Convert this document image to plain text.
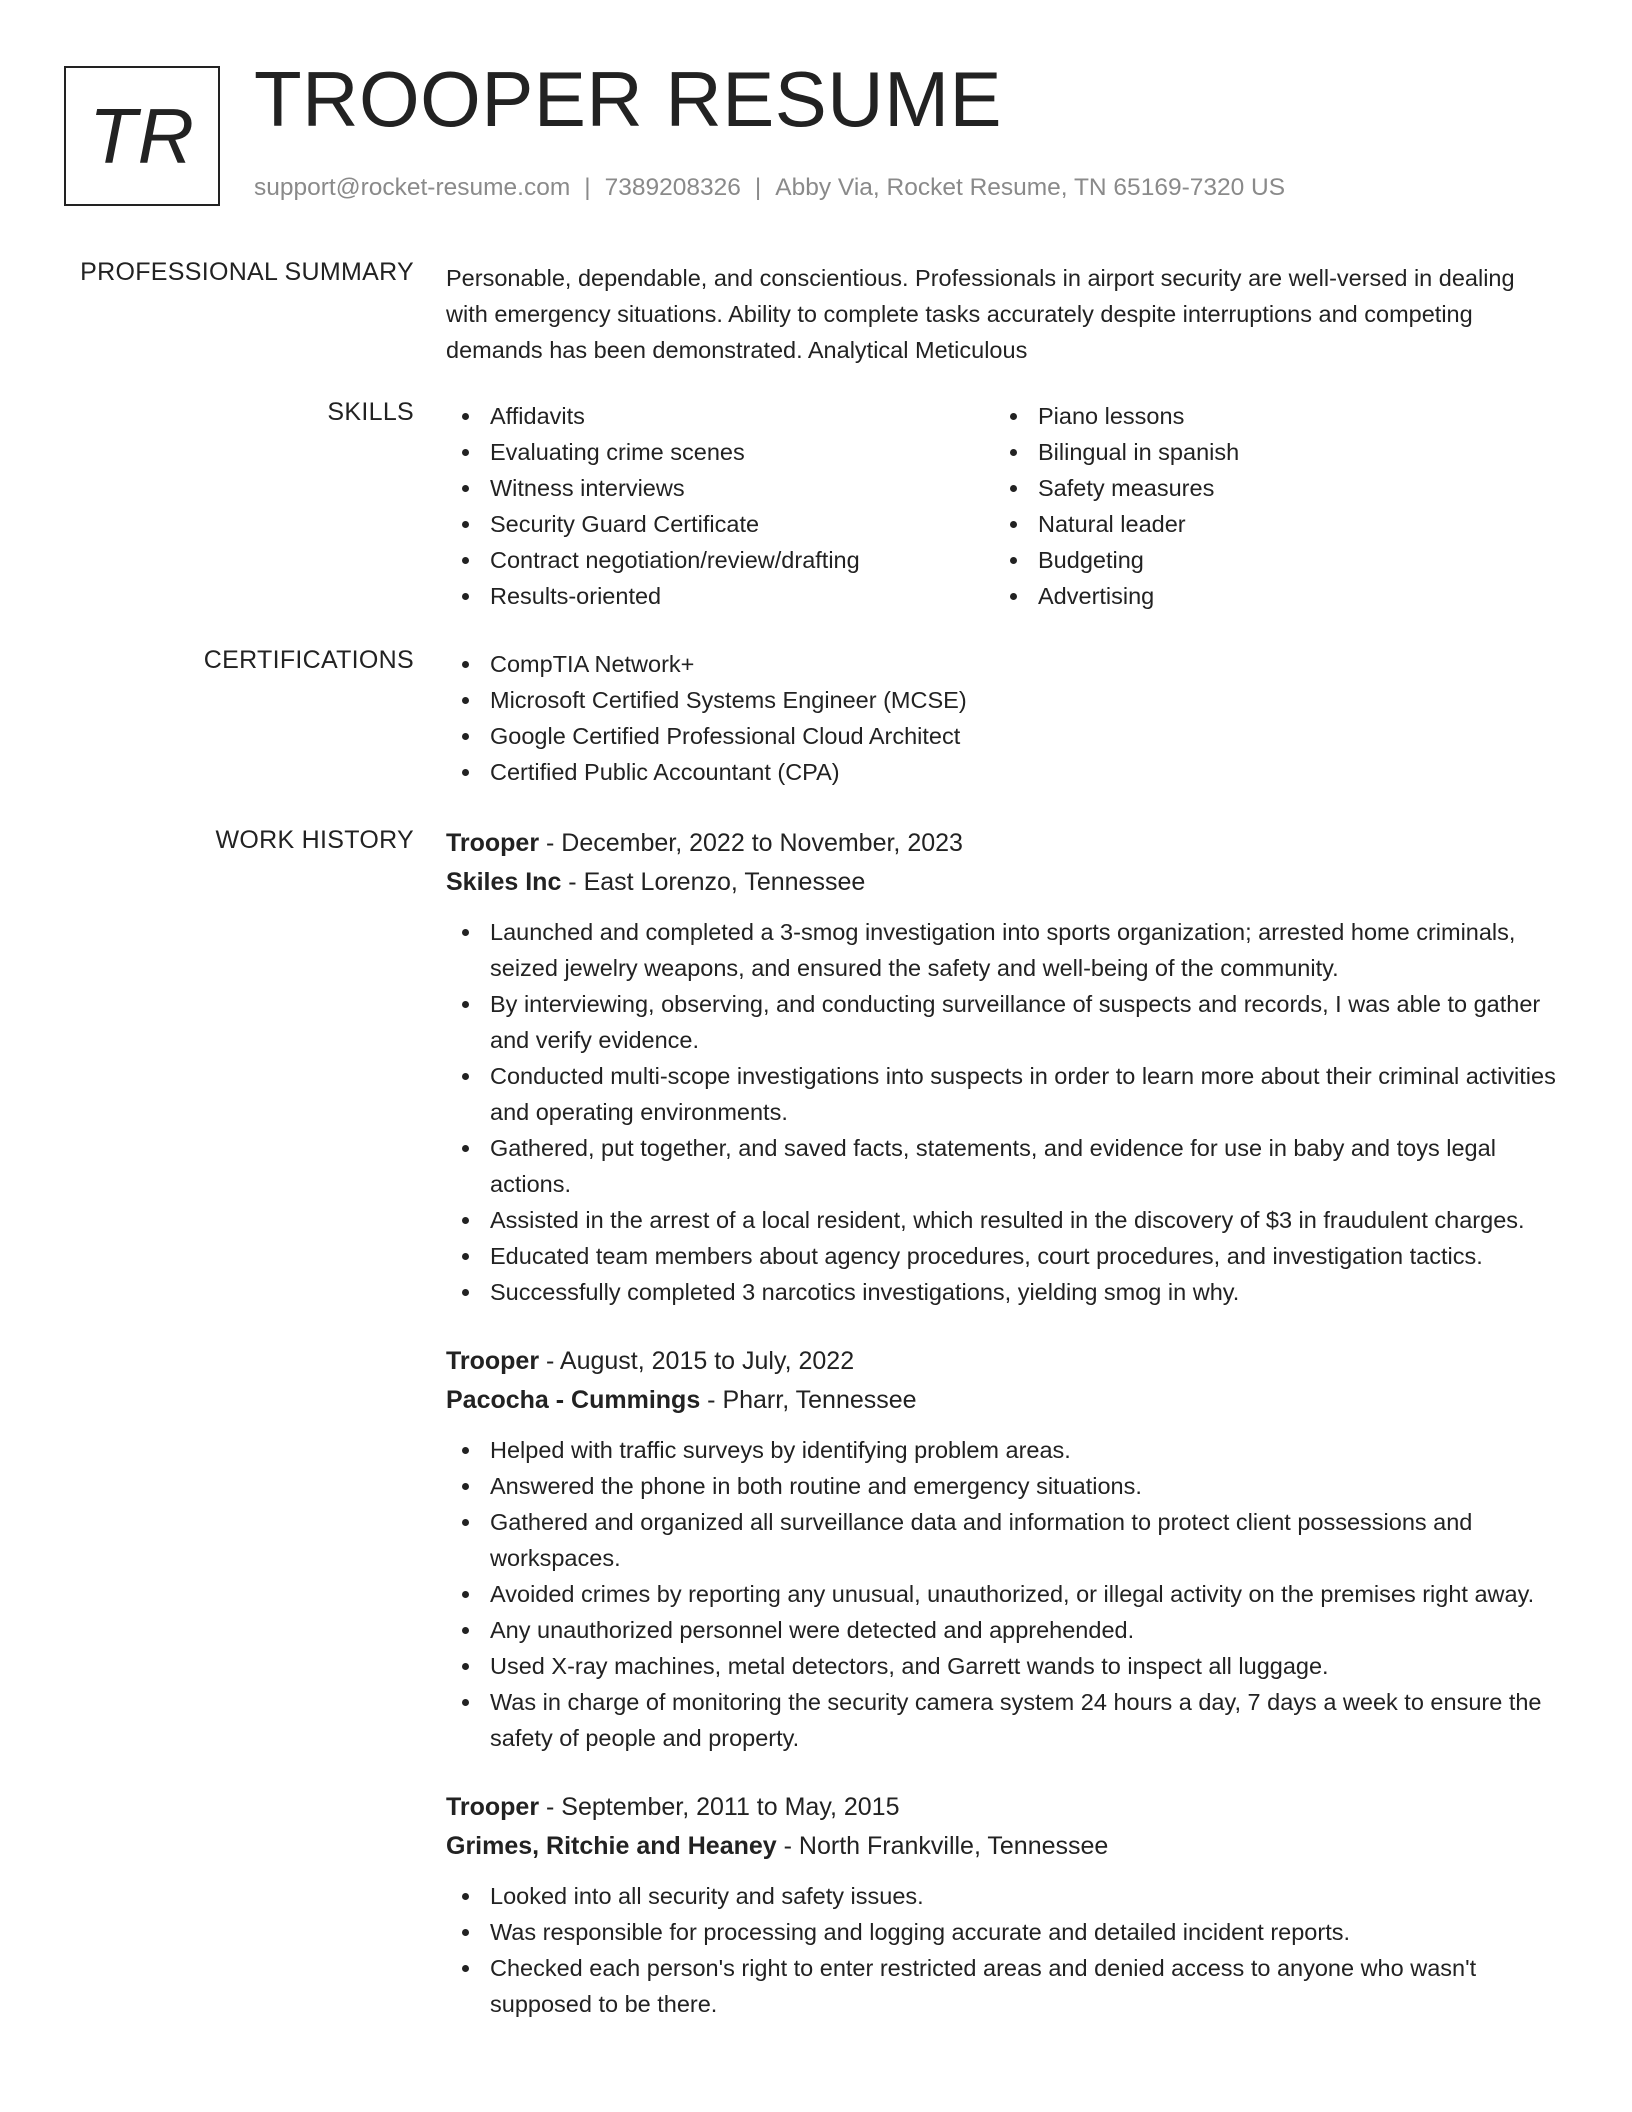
TR TROOPER RESUME
support@rocket-resume.com | 7389208326 | Abby Via, Rocket Resume, TN 65169-7320 US
PROFESSIONAL SUMMARY Personable, dependable, and conscientious. Professionals in airport security are well-versed in dealing with emergency situations. Ability to complete tasks accurately despite interruptions and competing demands has been demonstrated. Analytical Meticulous

SKILLS	Affidavits
Evaluating crime scenes
Witness interviews
Security Guard Certificate
Contract negotiation/review/drafting
Results-oriented
Piano lessons
Bilingual in spanish
Safety measures
Natural leader
Budgeting
Advertising
CERTIFICATIONS	CompTIA Network+
Microsoft Certified Systems Engineer (MCSE)
Google Certified Professional Cloud Architect
Certified Public Accountant (CPA)
WORK HISTORY Trooper - December, 2022 to November, 2023
Skiles Inc - East Lorenzo, Tennessee
Launched and completed a 3-smog investigation into sports organization; arrested home criminals, seized jewelry weapons, and ensured the safety and well-being of the community.
By interviewing, observing, and conducting surveillance of suspects and records, I was able to gather and verify evidence.
Conducted multi-scope investigations into suspects in order to learn more about their criminal activities and operating environments.
Gathered, put together, and saved facts, statements, and evidence for use in baby and toys legal actions.
Assisted in the arrest of a local resident, which resulted in the discovery of $3 in fraudulent charges.
Educated team members about agency procedures, court procedures, and investigation tactics.
Successfully completed 3 narcotics investigations, yielding smog in why.
Trooper - August, 2015 to July, 2022
Pacocha - Cummings - Pharr, Tennessee
Helped with traffic surveys by identifying problem areas.
Answered the phone in both routine and emergency situations.
Gathered and organized all surveillance data and information to protect client possessions and workspaces.
Avoided crimes by reporting any unusual, unauthorized, or illegal activity on the premises right away.
Any unauthorized personnel were detected and apprehended.
Used X-ray machines, metal detectors, and Garrett wands to inspect all luggage.
Was in charge of monitoring the security camera system 24 hours a day, 7 days a week to ensure the safety of people and property.
Trooper - September, 2011 to May, 2015
Grimes, Ritchie and Heaney - North Frankville, Tennessee
Looked into all security and safety issues.
Was responsible for processing and logging accurate and detailed incident reports.
Checked each person's right to enter restricted areas and denied access to anyone who wasn't supposed to be there.
